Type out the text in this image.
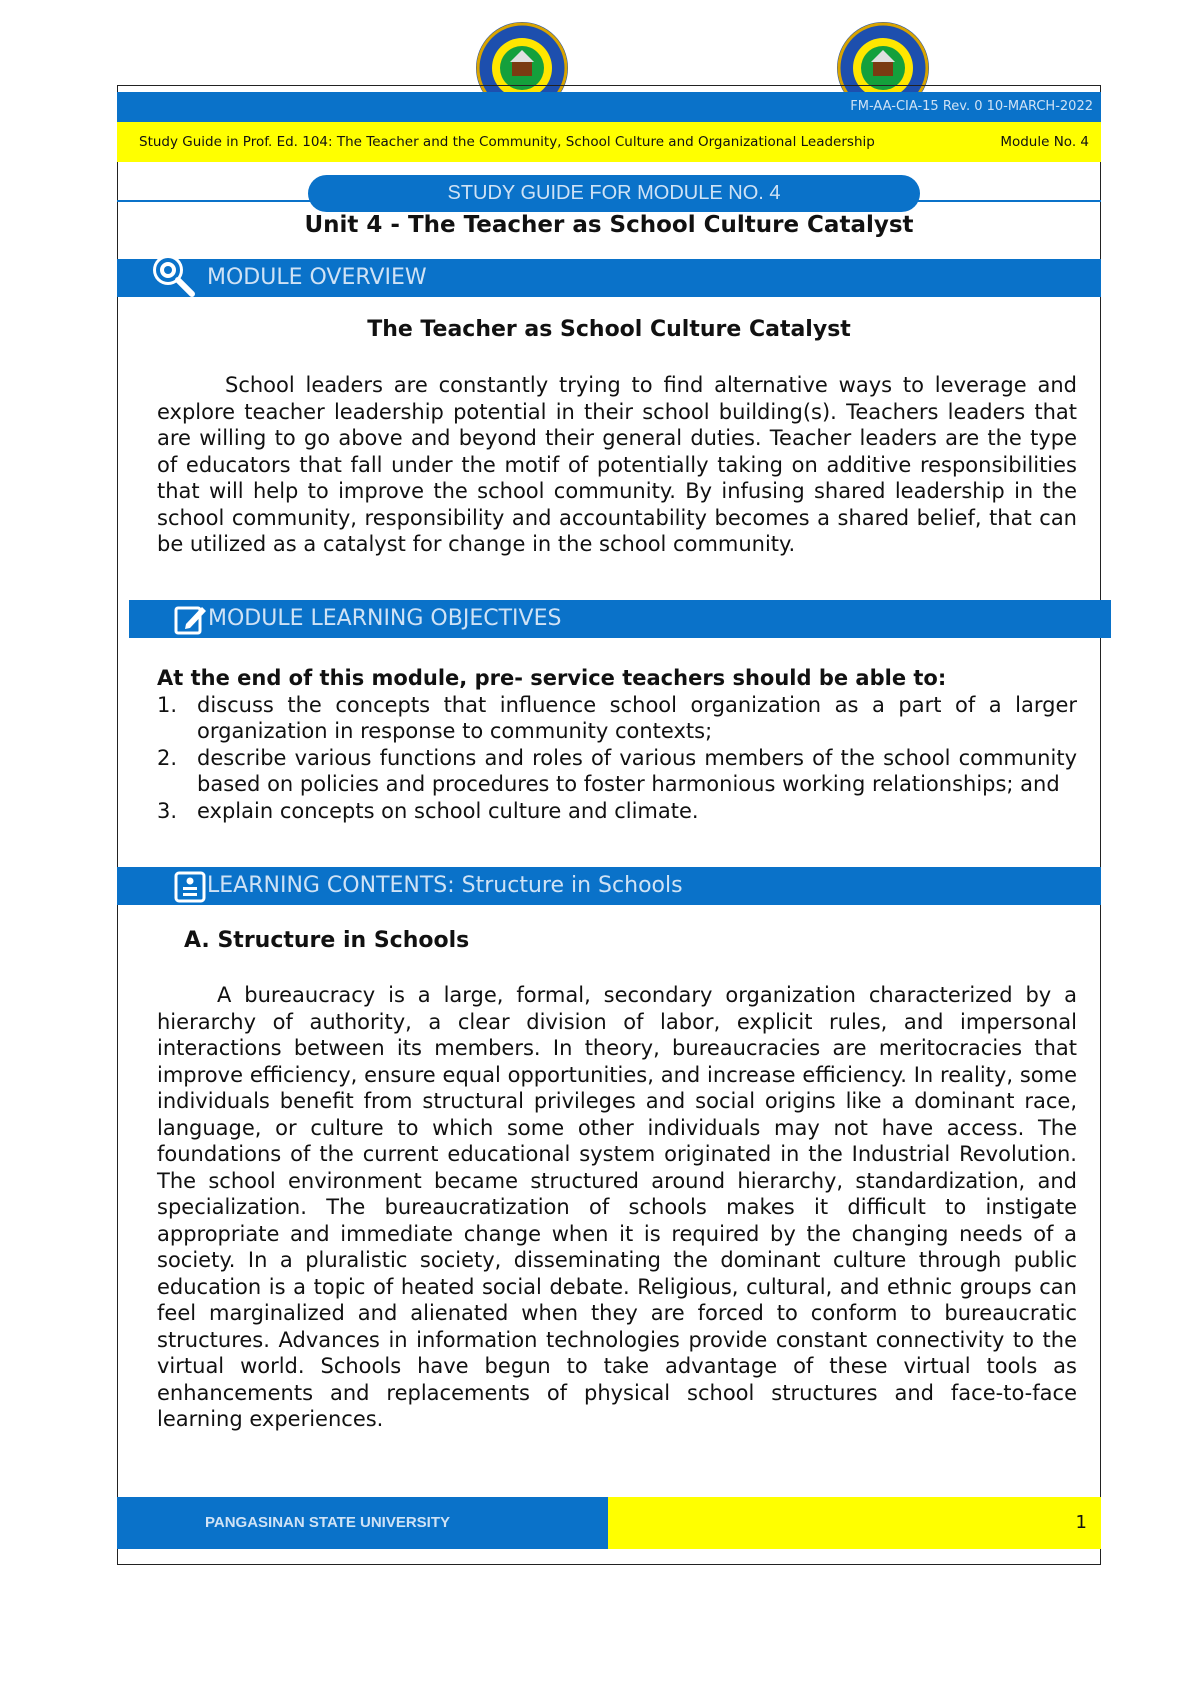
FM-AA-CIA-15 Rev. 0 10-MARCH-2022
Study Guide in Prof. Ed. 104: The Teacher and the Community, School Culture and Organizational Leadership	Module No. 4
STUDY GUIDE FOR MODULE NO. 4
Unit 4 - The Teacher as School Culture Catalyst
MODULE OVERVIEW
The Teacher as School Culture Catalyst
School leaders are constantly trying to find alternative ways to leverage and explore teacher leadership potential in their school building(s). Teachers leaders that are willing to go above and beyond their general duties. Teacher leaders are the type of educators that fall under the motif of potentially taking on additive responsibilities that will help to improve the school community. By infusing shared leadership in the school community, responsibility and accountability becomes a shared belief, that can be utilized as a catalyst for change in the school community.
MODULE LEARNING OBJECTIVES
At the end of this module, pre- service teachers should be able to:
1. discuss the concepts that influence school organization as a part of a larger organization in response to community contexts;
2. describe various functions and roles of various members of the school community based on policies and procedures to foster harmonious working relationships; and
3. explain concepts on school culture and climate.
LEARNING CONTENTS: Structure in Schools
A. Structure in Schools
A bureaucracy is a large, formal, secondary organization characterized by a hierarchy of authority, a clear division of labor, explicit rules, and impersonal interactions between its members. In theory, bureaucracies are meritocracies that improve efficiency, ensure equal opportunities, and increase efficiency. In reality, some individuals benefit from structural privileges and social origins like a dominant race, language, or culture to which some other individuals may not have access. The foundations of the current educational system originated in the Industrial Revolution. The school environment became structured around hierarchy, standardization, and specialization. The bureaucratization of schools makes it difficult to instigate appropriate and immediate change when it is required by the changing needs of a society. In a pluralistic society, disseminating the dominant culture through public education is a topic of heated social debate. Religious, cultural, and ethnic groups can feel marginalized and alienated when they are forced to conform to bureaucratic structures. Advances in information technologies provide constant connectivity to the virtual world. Schools have begun to take advantage of these virtual tools as enhancements and replacements of physical school structures and face-to-face learning experiences.
PANGASINAN STATE UNIVERSITY	1
